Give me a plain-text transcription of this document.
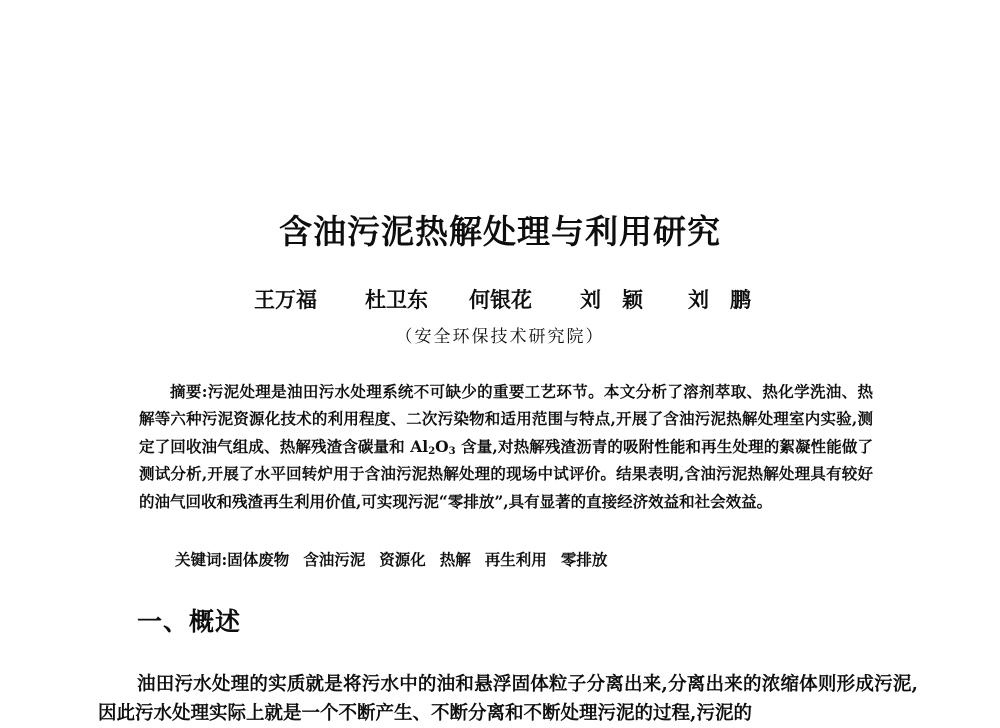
含油污泥热解处理与利用研究
王万福 杜卫东 何银花 刘　颖 刘　鹏
（安全环保技术研究院）

摘要:污泥处理是油田污水处理系统不可缺少的重要工艺环节。本文分析了溶剂萃取、热化学洗油、热解等六种污泥资源化技术的利用程度、二次污染物和适用范围与特点,开展了含油污泥热解处理室内实验,测定了回收油气组成、热解残渣含碳量和 $Al_2O_3$ 含量,对热解残渣沥青的吸附性能和再生处理的絮凝性能做了测试分析,开展了水平回转炉用于含油污泥热解处理的现场中试评价。结果表明,含油污泥热解处理具有较好的油气回收和残渣再生利用价值,可实现污泥“零排放”,具有显著的直接经济效益和社会效益。

关键词:固体废物 含油污泥 资源化 热解 再生利用 零排放
一、概述

油田污水处理的实质就是将污水中的油和悬浮固体粒子分离出来,分离出来的浓缩体则形成污泥,因此污水处理实际上就是一个不断产生、不断分离和不断处理污泥的过程,污泥的
